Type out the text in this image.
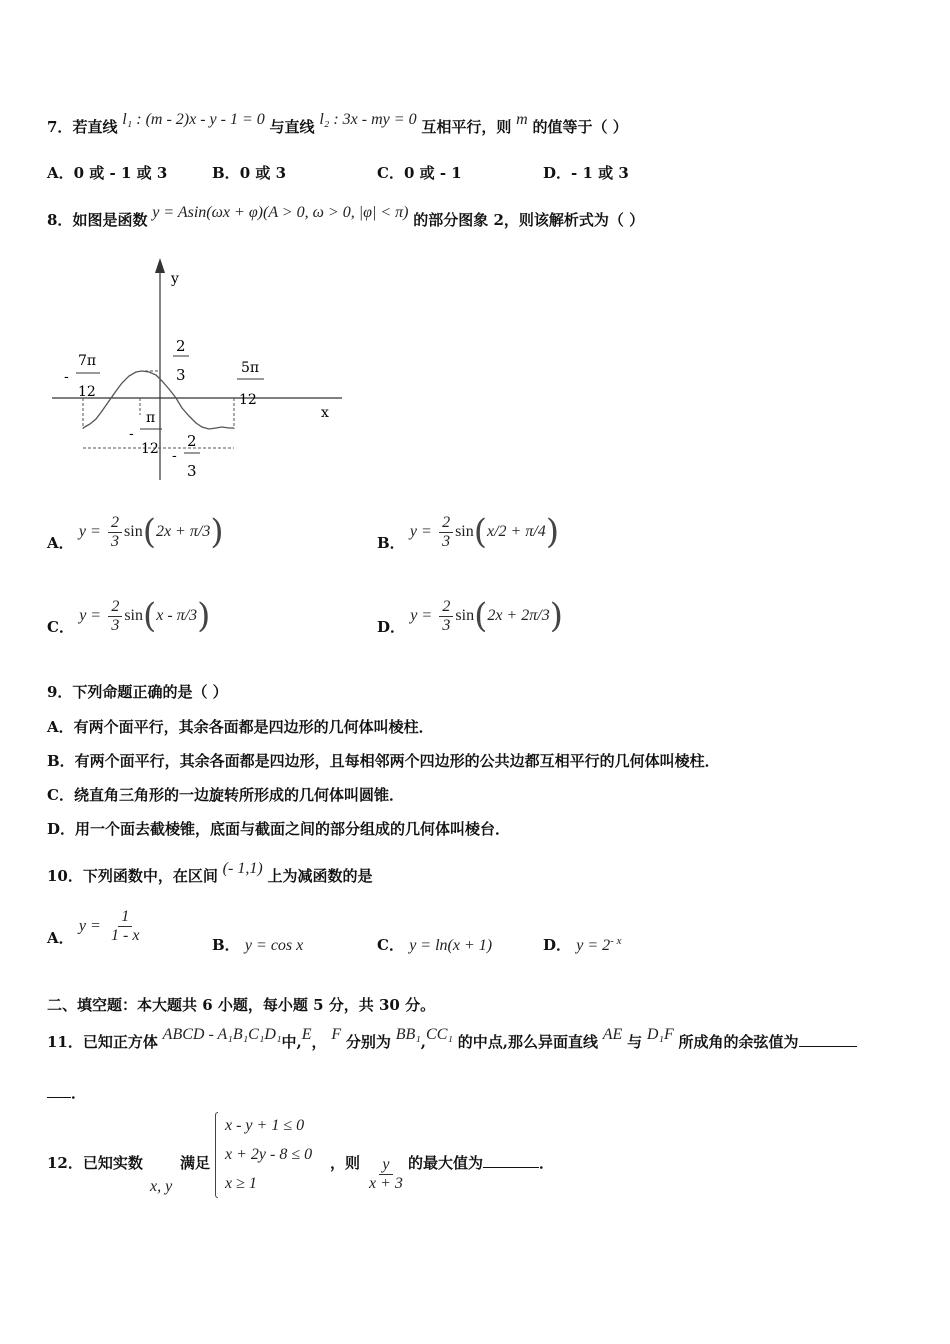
7．若直线 l₁ : (m - 2)x - y - 1 = 0 与直线 l₂ : 3x - my = 0 互相平行，则 m 的值等于（ ）
A．0 或 - 1 或 3	B．0 或 3	C．0 或 - 1	D．- 1 或 3
8．如图是函数 y = Asin(ωx + φ)(A > 0, ω > 0, |φ| < π) 的部分图象 2，则该解析式为（ ）
y
x
-
7π
12
5π
12
2
3
-
π
12 -
2
3
A． $y = \frac{2}{3} \sin(2x + \pi/3)$	B． $y = \frac{2}{3} \sin(x/2 + \pi/4)$
C． $y = \frac{2}{3} \sin(x - \pi/3)$	D． $y = \frac{2}{3} \sin(2x + 2\pi/3)$
9．下列命题正确的是（ ）
A．有两个面平行，其余各面都是四边形的几何体叫棱柱．
B．有两个面平行，其余各面都是四边形，且每相邻两个四边形的公共边都互相平行的几何体叫棱柱．
C．绕直角三角形的一边旋转所形成的几何体叫圆锥．
D．用一个面去截棱锥，底面与截面之间的部分组成的几何体叫棱台．
10．下列函数中，在区间 (- 1,1) 上为减函数的是
A． $y = \frac{1}{1 - x}$	B． y = cos x	C． y = ln(x + 1)	D． $y = 2^{- x}$
二、填空题：本大题共 6 小题，每小题 5 分，共 30 分。
11．已知正方体 ABCD - A₁B₁C₁D₁中,E， F 分别为 BB₁,CC₁ 的中点,那么异面直线 AE 与 D₁F 所成角的余弦值为
．
12．已知实数
x, y
满足
x - y + 1 ≤ 0
x + 2y - 8 ≤ 0
x ≥ 1
，则 $\frac{y}{x + 3}$ 的最大值为	．
